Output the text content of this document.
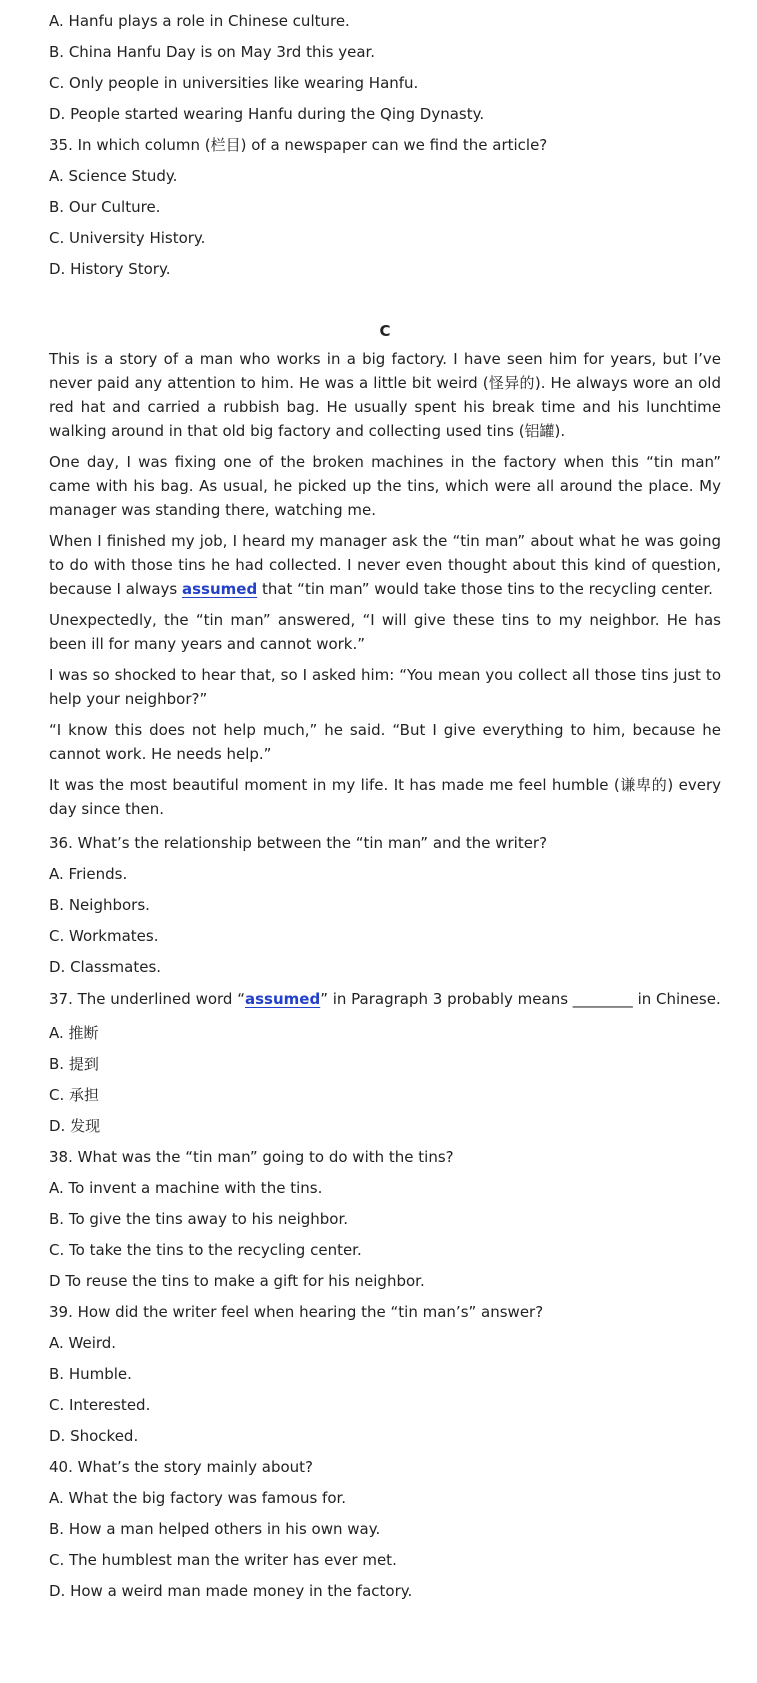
A. Hanfu plays a role in Chinese culture.
B. China Hanfu Day is on May 3rd this year.
C. Only people in universities like wearing Hanfu.
D. People started wearing Hanfu during the Qing Dynasty.
35. In which column (栏目) of a newspaper can we find the article?
A. Science Study.
B. Our Culture.
C. University History.
D. History Story.
C

This is a story of a man who works in a big factory. I have seen him for years, but I’ve never paid any attention to him. He was a little bit weird (怪异的). He always wore an old red hat and carried a rubbish bag. He usually spent his break time and his lunchtime walking around in that old big factory and collecting used tins (铝罐).

One day, I was fixing one of the broken machines in the factory when this “tin man” came with his bag. As usual, he picked up the tins, which were all around the place. My manager was standing there, watching me.

When I finished my job, I heard my manager ask the “tin man” about what he was going to do with those tins he had collected. I never even thought about this kind of question, because I always assumed that “tin man” would take those tins to the recycling center.

Unexpectedly, the “tin man” answered, “I will give these tins to my neighbor. He has been ill for many years and cannot work.”

I was so shocked to hear that, so I asked him: “You mean you collect all those tins just to help your neighbor?”

“I know this does not help much,” he said. “But I give everything to him, because he cannot work. He needs help.”

It was the most beautiful moment in my life. It has made me feel humble (谦卑的) every day since then.

36. What’s the relationship between the “tin man” and the writer?
A. Friends.
B. Neighbors.
C. Workmates.
D. Classmates.

37. The underlined word “assumed” in Paragraph 3 probably means ________ in Chinese.

A. 推断
B. 提到
C. 承担
D. 发现
38. What was the “tin man” going to do with the tins?
A. To invent a machine with the tins.
B. To give the tins away to his neighbor.
C. To take the tins to the recycling center.
D To reuse the tins to make a gift for his neighbor.
39. How did the writer feel when hearing the “tin man’s” answer?
A. Weird.
B. Humble.
C. Interested.
D. Shocked.
40. What’s the story mainly about?
A. What the big factory was famous for.
B. How a man helped others in his own way.
C. The humblest man the writer has ever met.
D. How a weird man made money in the factory.
